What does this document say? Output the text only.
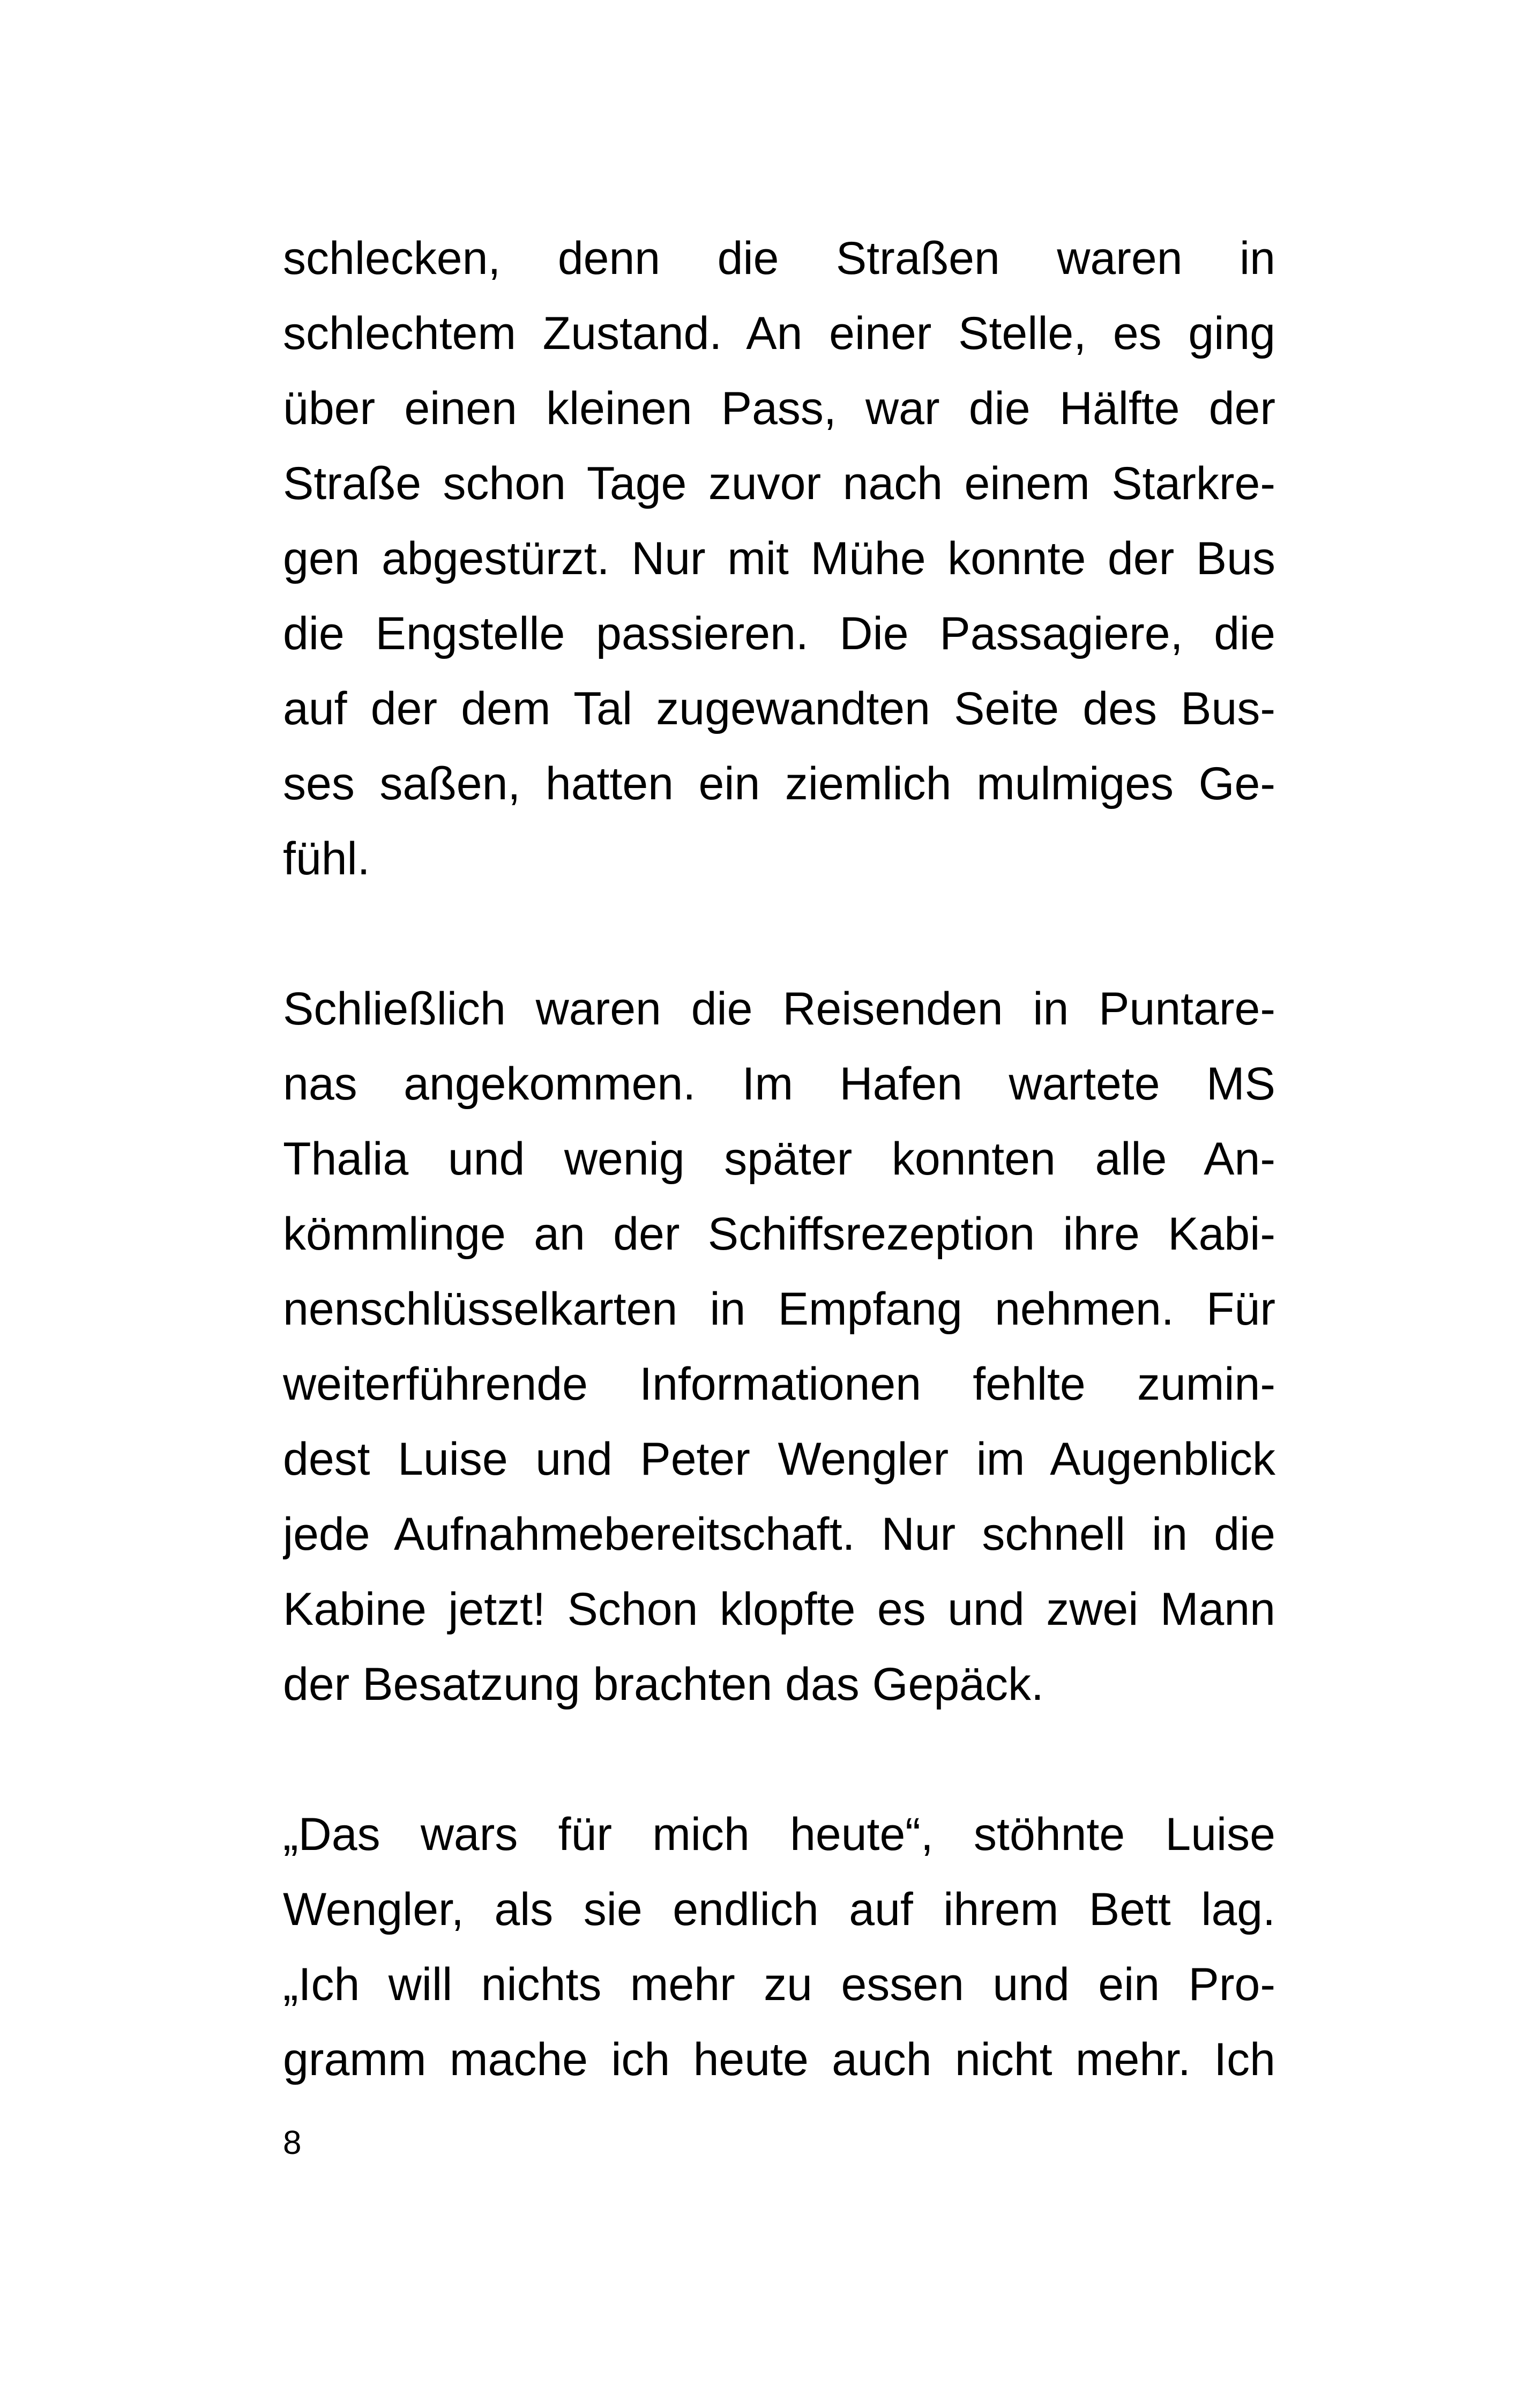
schlecken, denn die Straßen waren in
schlechtem Zustand. An einer Stelle, es ging
über einen kleinen Pass, war die Hälfte der
Straße schon Tage zuvor nach einem Starkre-
gen abgestürzt. Nur mit Mühe konnte der Bus
die Engstelle passieren. Die Passagiere, die
auf der dem Tal zugewandten Seite des Bus-
ses saßen, hatten ein ziemlich mulmiges Ge-
fühl.
Schließlich waren die Reisenden in Puntare-
nas angekommen. Im Hafen wartete MS
Thalia und wenig später konnten alle An-
kömmlinge an der Schiffsrezeption ihre Kabi-
nenschlüsselkarten in Empfang nehmen. Für
weiterführende Informationen fehlte zumin-
dest Luise und Peter Wengler im Augenblick
jede Aufnahmebereitschaft. Nur schnell in die
Kabine jetzt! Schon klopfte es und zwei Mann
der Besatzung brachten das Gepäck.
„Das wars für mich heute“, stöhnte Luise
Wengler, als sie endlich auf ihrem Bett lag.
„Ich will nichts mehr zu essen und ein Pro-
gramm mache ich heute auch nicht mehr. Ich
8
